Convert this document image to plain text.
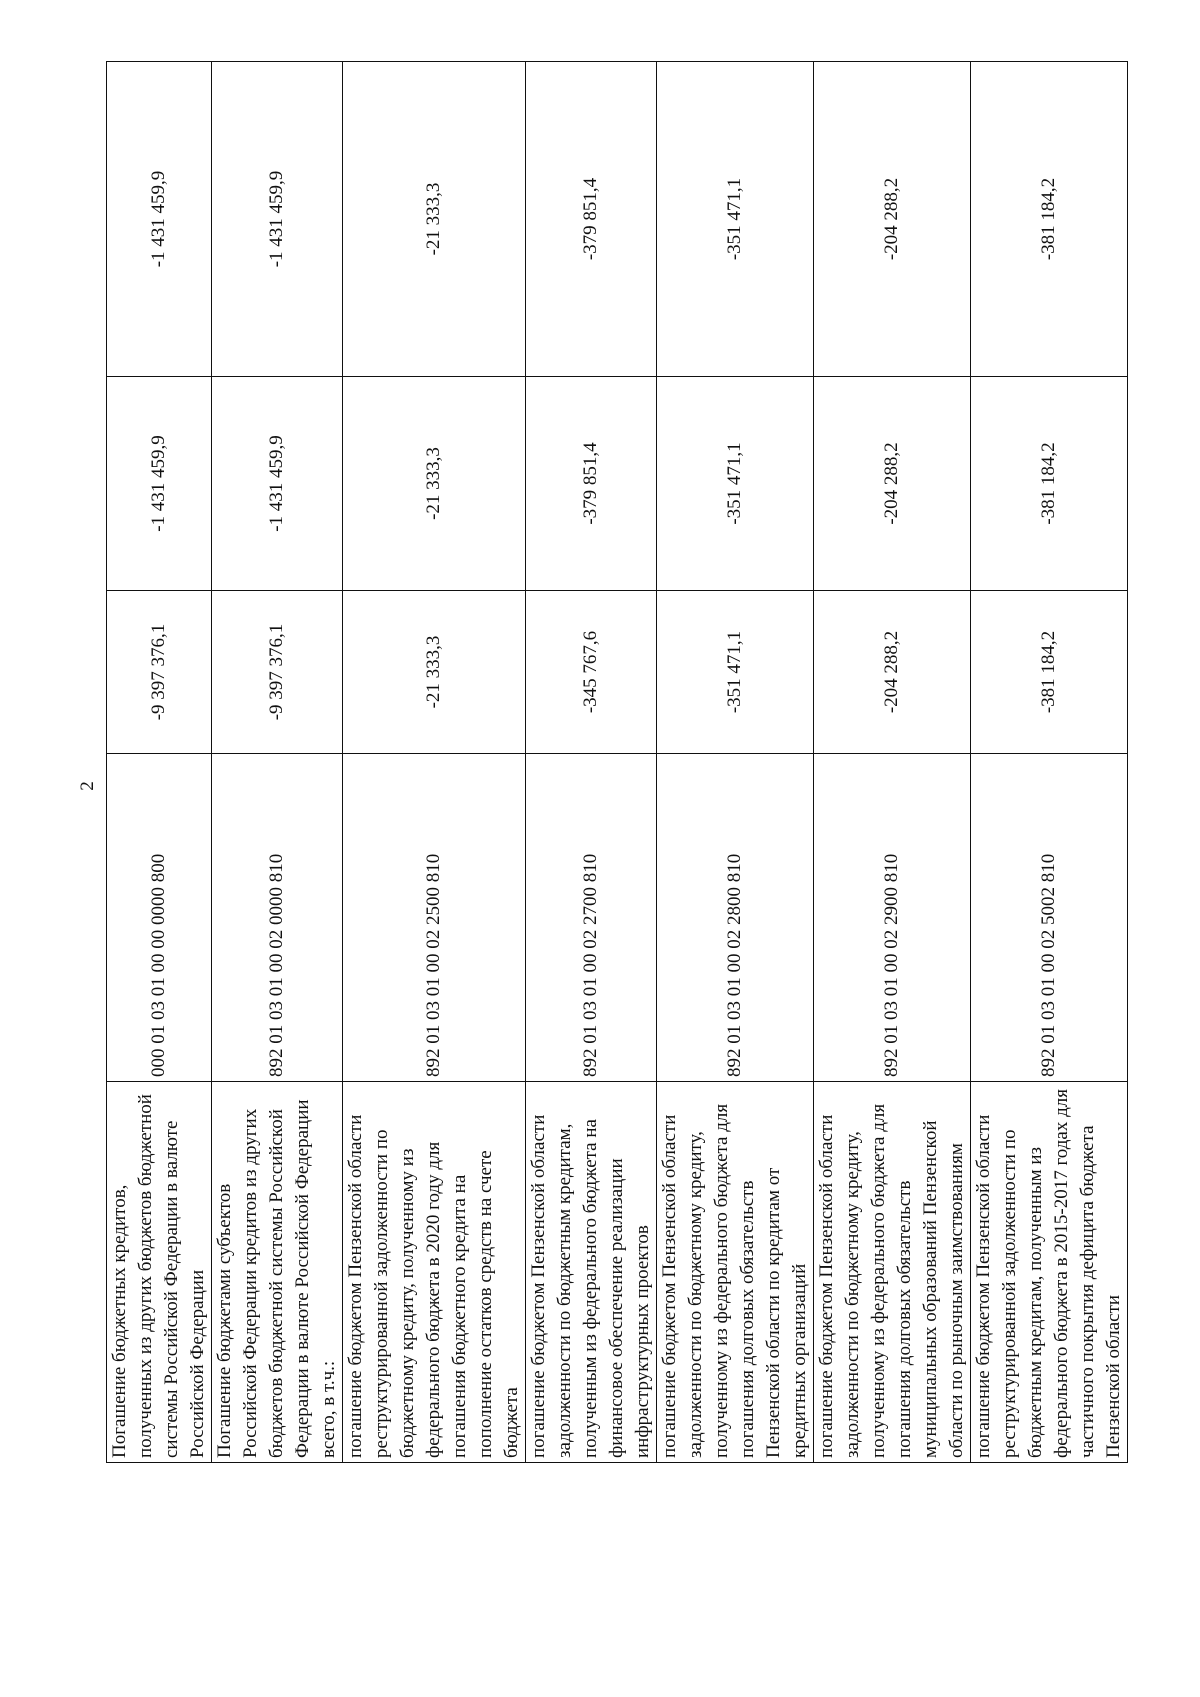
2
Погашение бюджетных кредитов, полученных из других бюджетов бюджетной системы Российской Федерации в валюте Российской Федерации	000 01 03 01 00 00 0000 800	-9 397 376,1	-1 431 459,9	-1 431 459,9
Погашение бюджетами субъектов Российской Федерации кредитов из других бюджетов бюджетной системы Российской Федерации в валюте Российской Федерации всего, в т.ч.:	892 01 03 01 00 02 0000 810	-9 397 376,1	-1 431 459,9	-1 431 459,9
погашение бюджетом Пензенской области реструктурированной задолженности по бюджетному кредиту, полученному из федерального бюджета в 2020 году для погашения бюджетного кредита на пополнение остатков средств на счете бюджета	892 01 03 01 00 02 2500 810	-21 333,3	-21 333,3	-21 333,3
погашение бюджетом Пензенской области задолженности по бюджетным кредитам, полученным из федерального бюджета на финансовое обеспечение реализации инфраструктурных проектов	892 01 03 01 00 02 2700 810	-345 767,6	-379 851,4	-379 851,4
погашение бюджетом Пензенской области задолженности по бюджетному кредиту, полученному из федерального бюджета для погашения долговых обязательств Пензенской области по кредитам от кредитных организаций	892 01 03 01 00 02 2800 810	-351 471,1	-351 471,1	-351 471,1
погашение бюджетом Пензенской области задолженности по бюджетному кредиту, полученному из федерального бюджета для погашения долговых обязательств муниципальных образований Пензенской области по рыночным заимствованиям	892 01 03 01 00 02 2900 810	-204 288,2	-204 288,2	-204 288,2
погашение бюджетом Пензенской области реструктурированной задолженности по бюджетным кредитам, полученным из федерального бюджета в 2015-2017 годах для частичного покрытия дефицита бюджета Пензенской области	892 01 03 01 00 02 5002 810	-381 184,2	-381 184,2	-381 184,2
